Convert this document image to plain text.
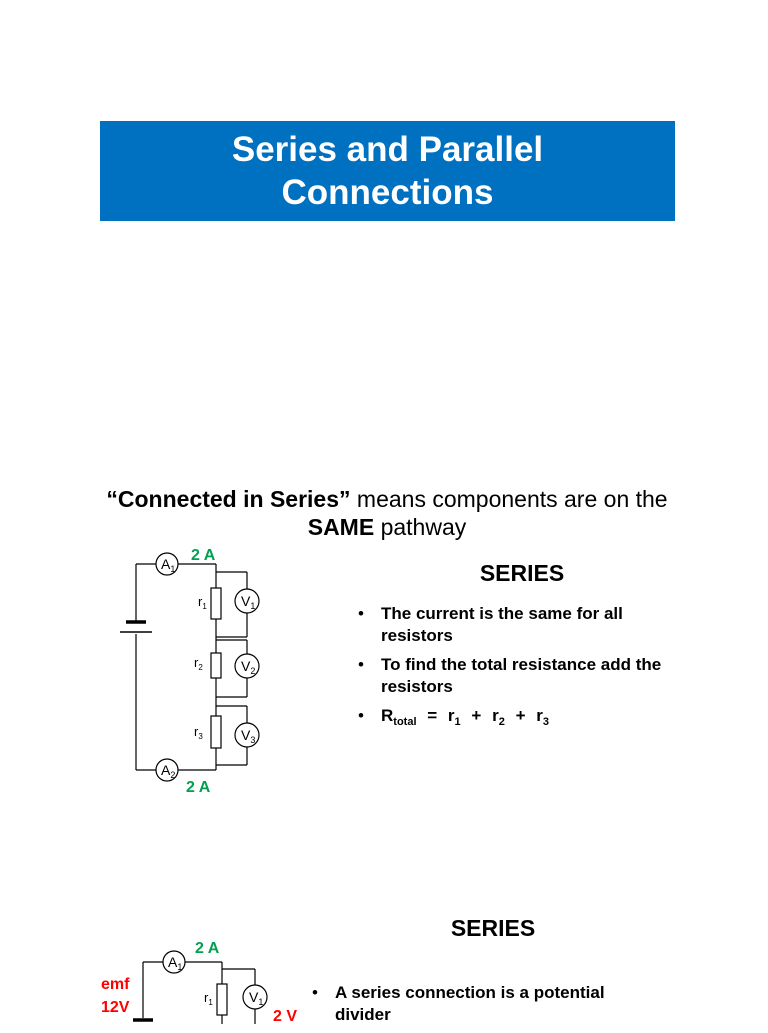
Series and Parallel
Connections
“Connected in Series” means components are on the
SAME pathway
$A_1$
$A_2$
$V_1$
$V_2$
$V_3$
$r_1$
$r_2$
$r_3$
2 A
2 A
SERIES
• The current is the same for all resistors
• To find the total resistance add the resistors
• $R_{total} = r_1 + r_2 + r_3$
SERIES
• A series connection is a potential divider
$A_1$
$V_1$
$r_1$
2 A
emf
12V
2 V
